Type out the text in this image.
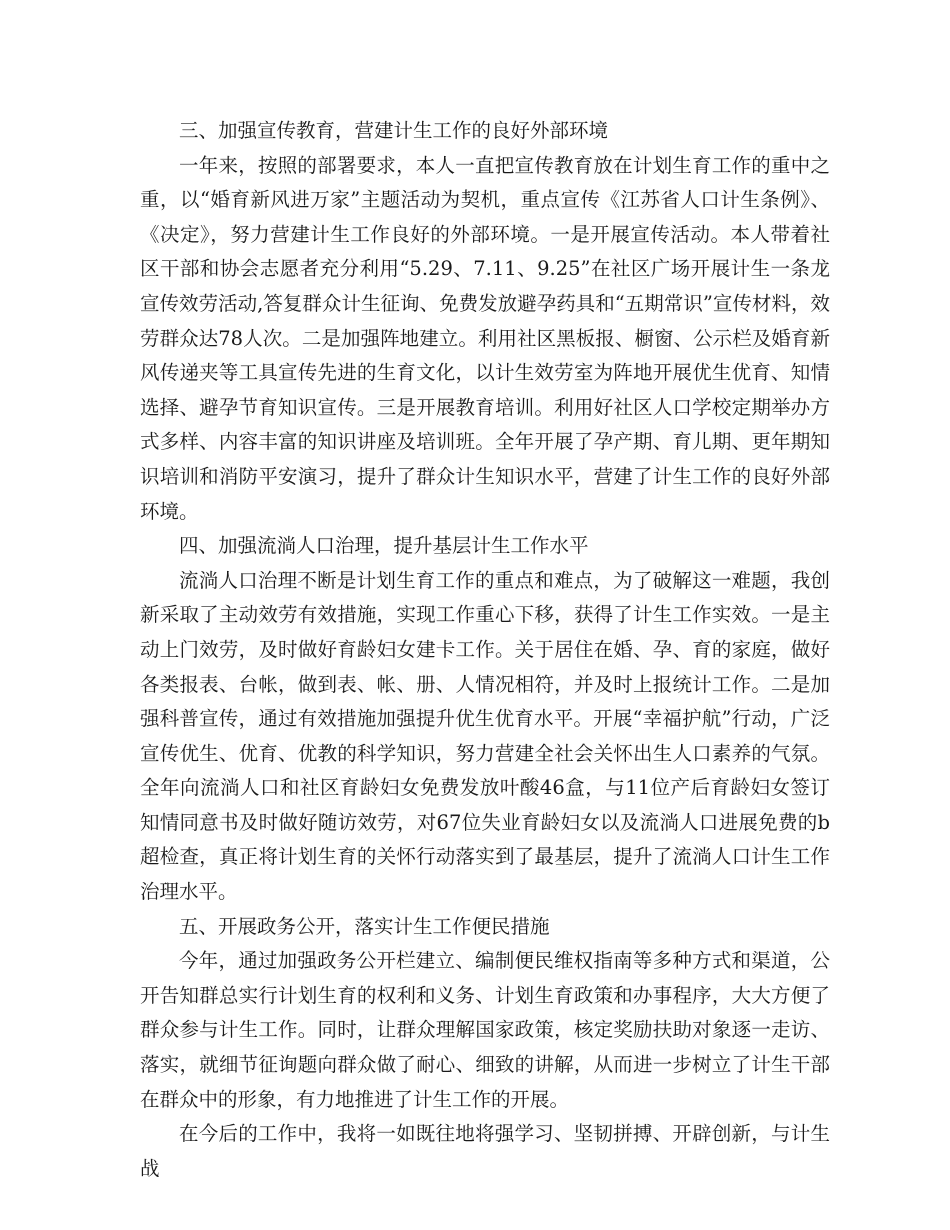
三、加强宣传教育，营建计生工作的良好外部环境

一年来，按照的部署要求，本人一直把宣传教育放在计划生育工作的重中之重，以“婚育新风进万家”主题活动为契机，重点宣传《江苏省人口计生条例》、《决定》，努力营建计生工作良好的外部环境。一是开展宣传活动。本人带着社区干部和协会志愿者充分利用“5.29、7.11、9.25”在社区广场开展计生一条龙宣传效劳活动,答复群众计生征询、免费发放避孕药具和“五期常识”宣传材料，效劳群众达78人次。二是加强阵地建立。利用社区黑板报、橱窗、公示栏及婚育新风传递夹等工具宣传先进的生育文化，以计生效劳室为阵地开展优生优育、知情选择、避孕节育知识宣传。三是开展教育培训。利用好社区人口学校定期举办方式多样、内容丰富的知识讲座及培训班。全年开展了孕产期、育儿期、更年期知识培训和消防平安演习，提升了群众计生知识水平，营建了计生工作的良好外部环境。

四、加强流淌人口治理，提升基层计生工作水平

流淌人口治理不断是计划生育工作的重点和难点，为了破解这一难题，我创新采取了主动效劳有效措施，实现工作重心下移，获得了计生工作实效。一是主动上门效劳，及时做好育龄妇女建卡工作。关于居住在婚、孕、育的家庭，做好各类报表、台帐，做到表、帐、册、人情况相符，并及时上报统计工作。二是加强科普宣传，通过有效措施加强提升优生优育水平。开展“幸福护航”行动，广泛宣传优生、优育、优教的科学知识，努力营建全社会关怀出生人口素养的气氛。全年向流淌人口和社区育龄妇女免费发放叶酸46盒，与11位产后育龄妇女签订知情同意书及时做好随访效劳，对67位失业育龄妇女以及流淌人口进展免费的b超检查，真正将计划生育的关怀行动落实到了最基层，提升了流淌人口计生工作治理水平。

五、开展政务公开，落实计生工作便民措施

今年，通过加强政务公开栏建立、编制便民维权指南等多种方式和渠道，公开告知群总实行计划生育的权利和义务、计划生育政策和办事程序，大大方便了群众参与计生工作。同时，让群众理解国家政策，核定奖励扶助对象逐一走访、落实，就细节征询题向群众做了耐心、细致的讲解，从而进一步树立了计生干部在群众中的形象，有力地推进了计生工作的开展。

在今后的工作中，我将一如既往地将强学习、坚韧拼搏、开辟创新，与计生战
